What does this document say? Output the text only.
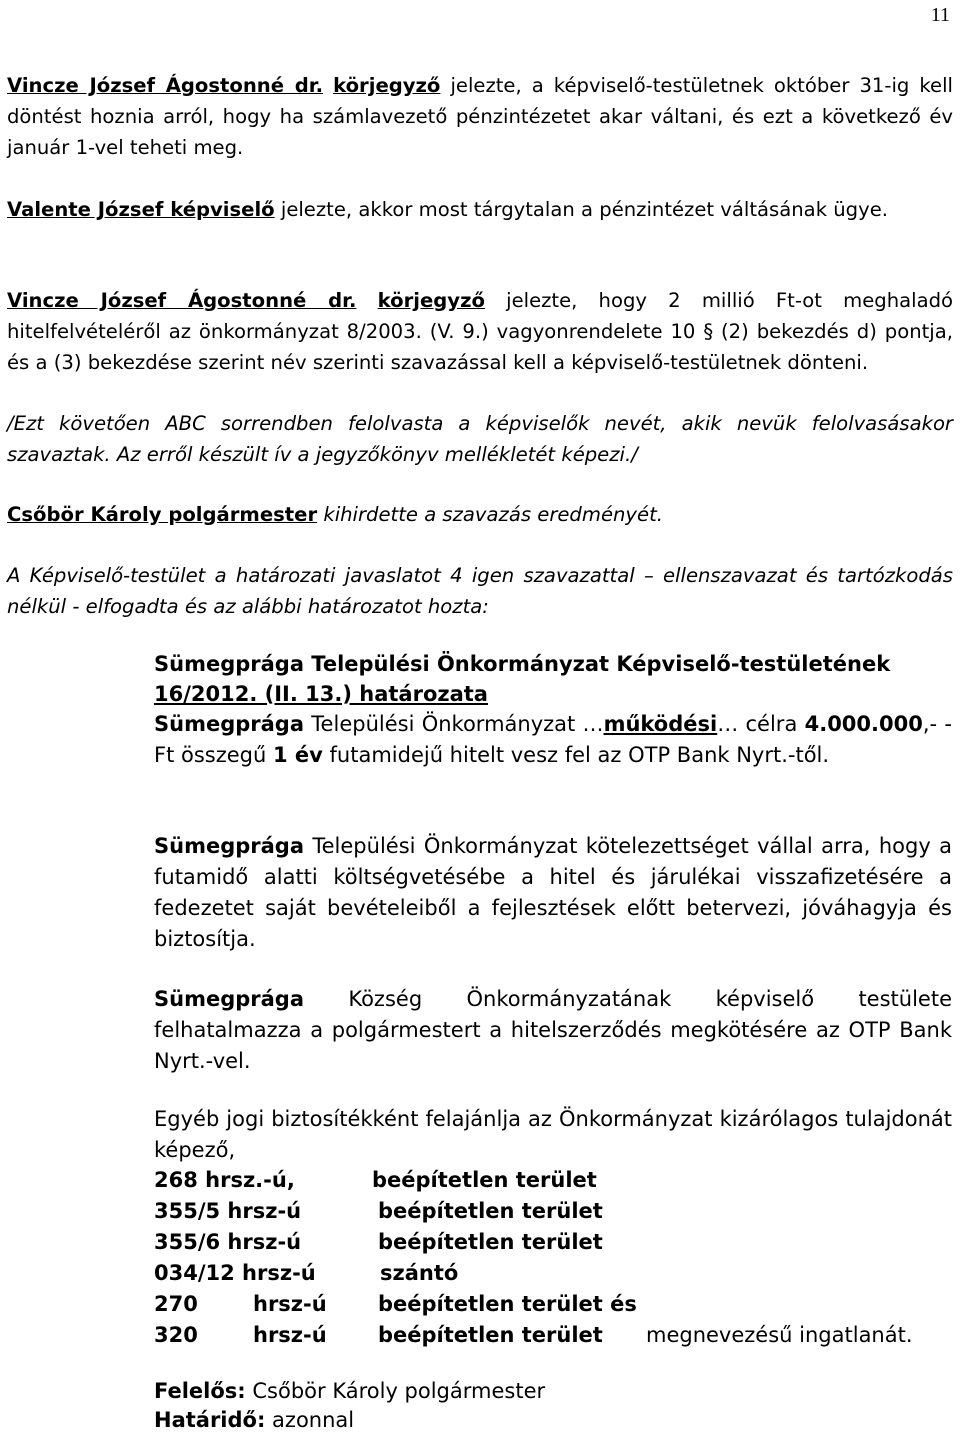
11

Vincze József Ágostonné dr. körjegyző jelezte, a képviselő-testületnek október 31-ig kell döntést hoznia arról, hogy ha számlavezető pénzintézetet akar váltani, és ezt a következő év január 1-vel teheti meg.

Valente József képviselő jelezte, akkor most tárgytalan a pénzintézet váltásának ügye.

Vincze József Ágostonné dr. körjegyző jelezte, hogy 2 millió Ft-ot meghaladó hitelfelvételéről az önkormányzat 8/2003. (V. 9.) vagyonrendelete 10 § (2) bekezdés d) pontja, és a (3) bekezdése szerint név szerinti szavazással kell a képviselő-testületnek dönteni.

/Ezt követően ABC sorrendben felolvasta a képviselők nevét, akik nevük felolvasásakor szavaztak. Az erről készült ív a jegyzőkönyv mellékletét képezi./

Csőbör Károly polgármester kihirdette a szavazás eredményét.

A Képviselő-testület a határozati javaslatot 4 igen szavazattal – ellenszavazat és tartózkodás nélkül - elfogadta és az alábbi határozatot hozta:

Sümegprága Települési Önkormányzat Képviselő-testületének
16/2012. (II. 13.) határozata

Sümegprága Települési Önkormányzat …működési… célra 4.000.000,- -Ft összegű 1 év futamidejű hitelt vesz fel az OTP Bank Nyrt.-től.

Sümegprága Települési Önkormányzat kötelezettséget vállal arra, hogy a futamidő alatti költségvetésébe a hitel és járulékai visszafizetésére a fedezetet saját bevételeiből a fejlesztések előtt betervezi, jóváhagyja és biztosítja.

Sümegprága Község Önkormányzatának képviselő testülete felhatalmazza a polgármestert a hitelszerződés megkötésére az OTP Bank Nyrt.-vel.

Egyéb jogi biztosítékként felajánlja az Önkormányzat kizárólagos tulajdonát képező,

268 hrsz.-ú,	beépítetlen terület
355/5 hrsz-ú	beépítetlen terület
355/6 hrsz-ú	beépítetlen terület
034/12 hrsz-ú	szántó
270	hrsz-ú beépítetlen terület és
320	hrsz-ú beépítetlen terület megnevezésű ingatlanát.
Felelős: Csőbör Károly polgármester
Határidő: azonnal
